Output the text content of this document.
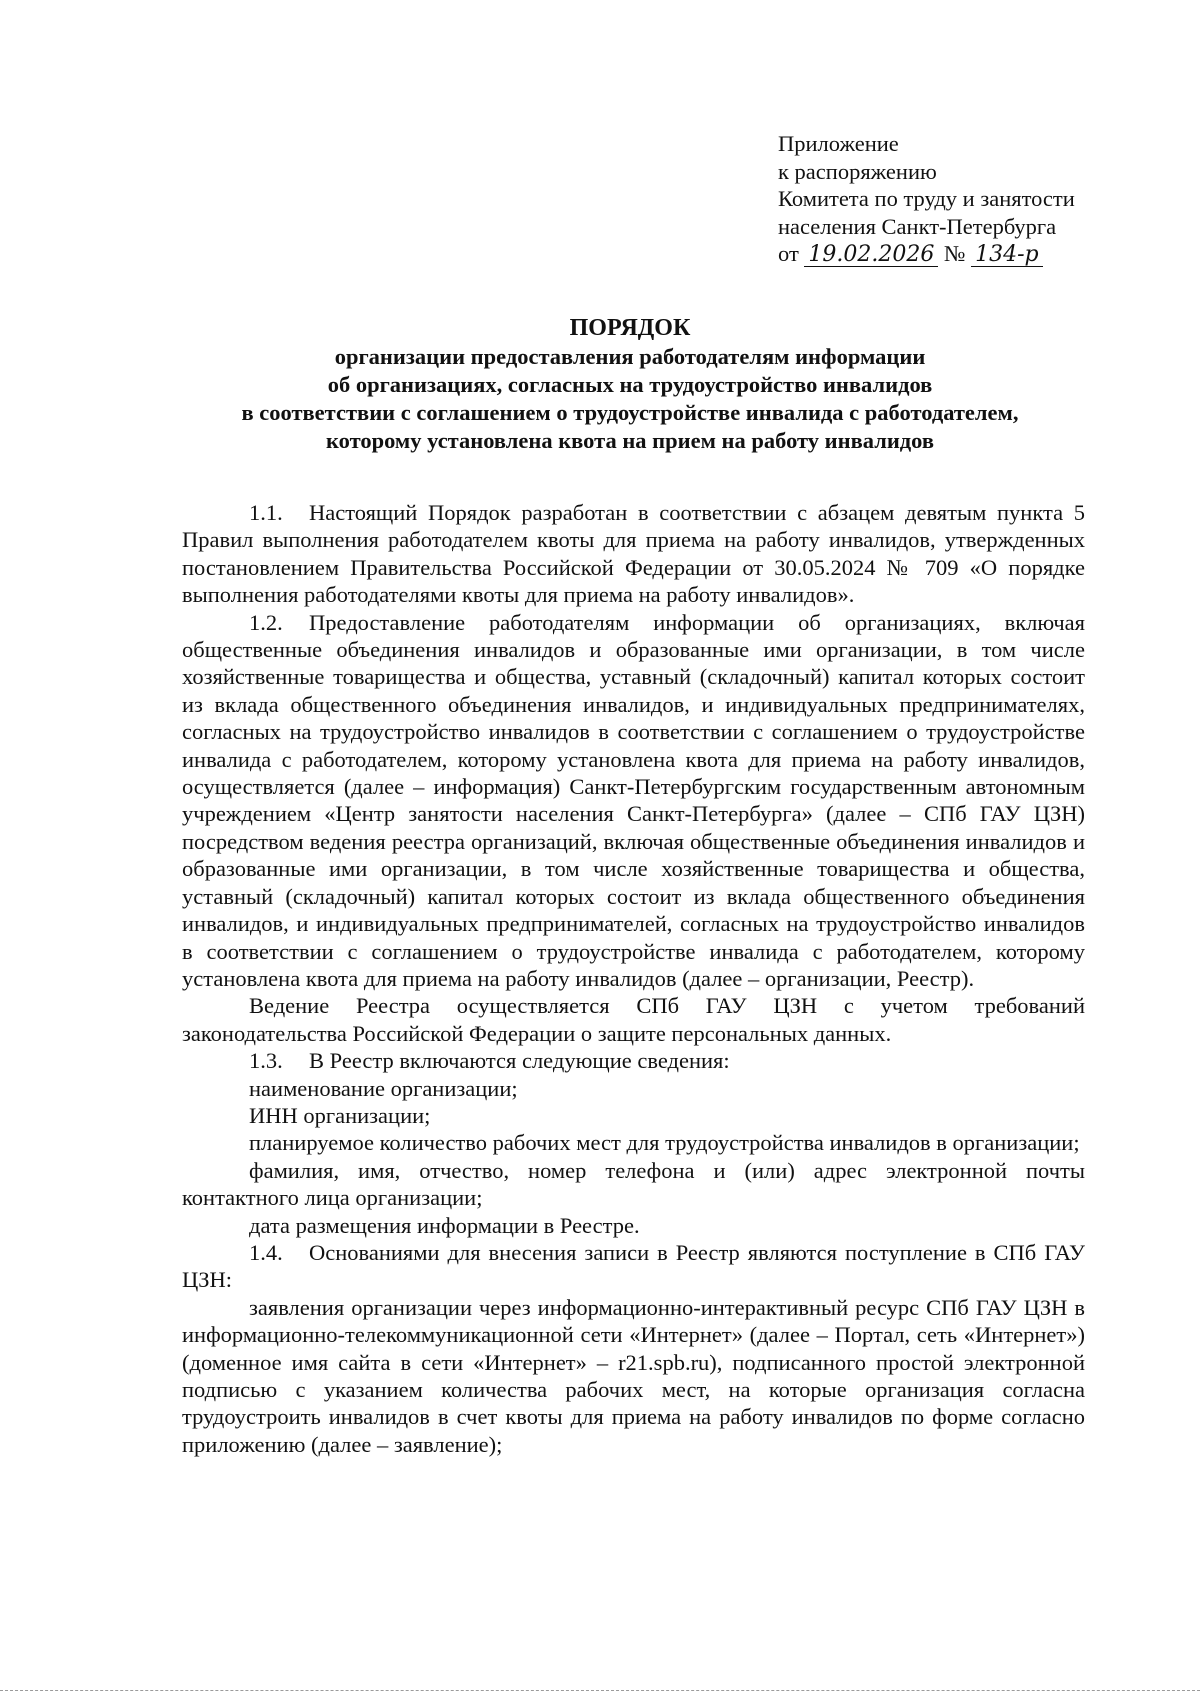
Приложение
к распоряжению
Комитета по труду и занятости
населения Санкт-Петербурга
от 19.02.2026 № 134-р
ПОРЯДОК
организации предоставления работодателям информации
об организациях, согласных на трудоустройство инвалидов
в соответствии с соглашением о трудоустройстве инвалида с работодателем,
которому установлена квота на прием на работу инвалидов

1.1. Настоящий Порядок разработан в соответствии с абзацем девятым пункта 5 Правил выполнения работодателем квоты для приема на работу инвалидов, утвержденных постановлением Правительства Российской Федерации от 30.05.2024 № 709 «О порядке выполнения работодателями квоты для приема на работу инвалидов».

1.2. Предоставление работодателям информации об организациях, включая общественные объединения инвалидов и образованные ими организации, в том числе хозяйственные товарищества и общества, уставный (складочный) капитал которых состоит из вклада общественного объединения инвалидов, и индивидуальных предпринимателях, согласных на трудоустройство инвалидов в соответствии с соглашением о трудоустройстве инвалида с работодателем, которому установлена квота для приема на работу инвалидов, осуществляется (далее – информация) Санкт-Петербургским государственным автономным учреждением «Центр занятости населения Санкт-Петербурга» (далее – СПб ГАУ ЦЗН) посредством ведения реестра организаций, включая общественные объединения инвалидов и образованные ими организации, в том числе хозяйственные товарищества и общества, уставный (складочный) капитал которых состоит из вклада общественного объединения инвалидов, и индивидуальных предпринимателей, согласных на трудоустройство инвалидов в соответствии с соглашением о трудоустройстве инвалида с работодателем, которому установлена квота для приема на работу инвалидов (далее – организации, Реестр).

Ведение Реестра осуществляется СПб ГАУ ЦЗН с учетом требований законодательства Российской Федерации о защите персональных данных.

1.3. В Реестр включаются следующие сведения:

наименование организации;

ИНН организации;

планируемое количество рабочих мест для трудоустройства инвалидов в организации;

фамилия, имя, отчество, номер телефона и (или) адрес электронной почты контактного лица организации;

дата размещения информации в Реестре.

1.4. Основаниями для внесения записи в Реестр являются поступление в СПб ГАУ ЦЗН:

заявления организации через информационно-интерактивный ресурс СПб ГАУ ЦЗН в информационно-телекоммуникационной сети «Интернет» (далее – Портал, сеть «Интернет») (доменное имя сайта в сети «Интернет» – r21.spb.ru), подписанного простой электронной подписью с указанием количества рабочих мест, на которые организация согласна трудоустроить инвалидов в счет квоты для приема на работу инвалидов по форме согласно приложению (далее – заявление);
